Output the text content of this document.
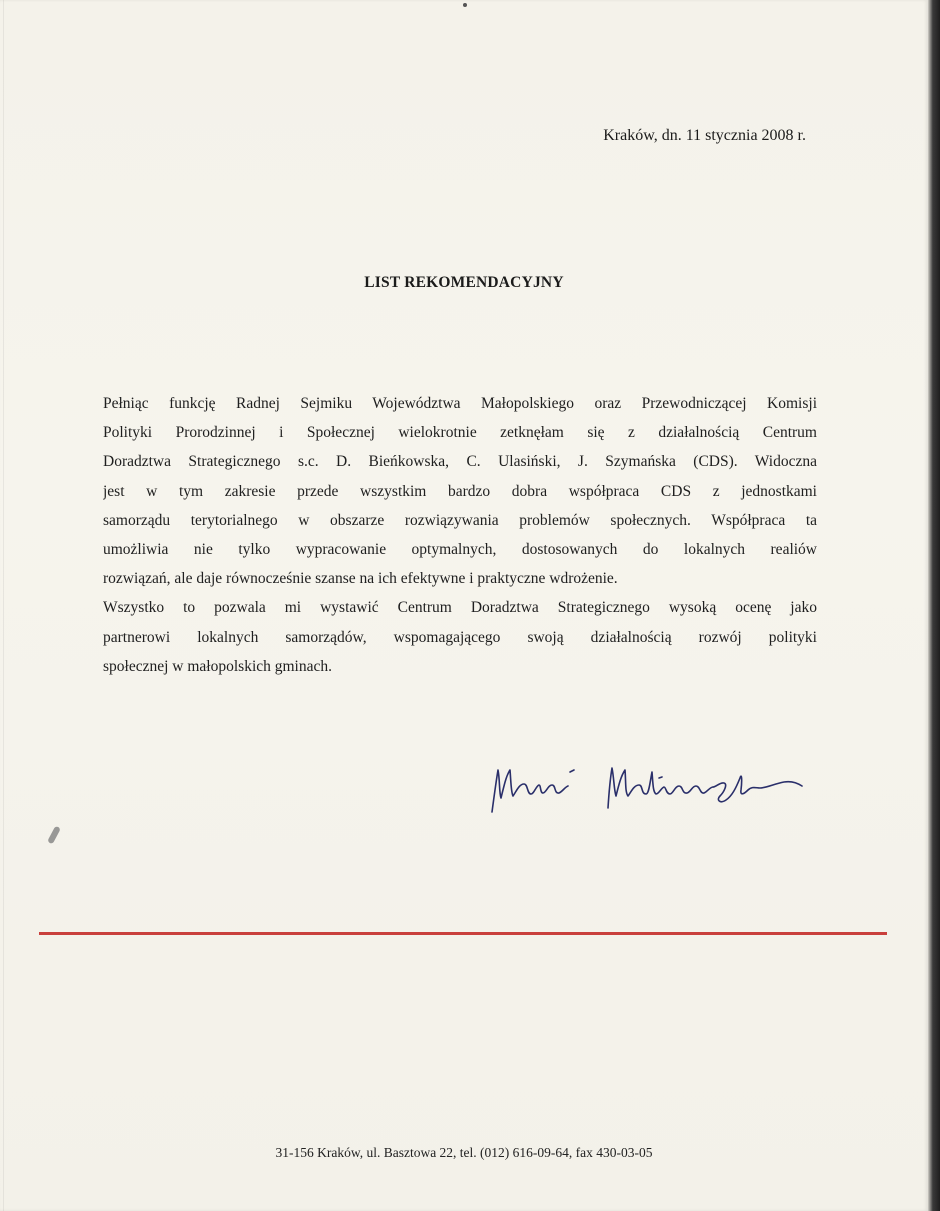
Kraków, dn. 11 stycznia 2008 r.
LIST REKOMENDACYJNY
Pełniąc funkcję Radnej Sejmiku Województwa Małopolskiego oraz Przewodniczącej Komisji
Polityki Prorodzinnej i Społecznej wielokrotnie zetknęłam się z działalnością Centrum
Doradztwa Strategicznego s.c. D. Bieńkowska, C. Ulasiński, J. Szymańska (CDS). Widoczna
jest w tym zakresie przede wszystkim bardzo dobra współpraca CDS z jednostkami
samorządu terytorialnego w obszarze rozwiązywania problemów społecznych. Współpraca ta
umożliwia nie tylko wypracowanie optymalnych, dostosowanych do lokalnych realiów
rozwiązań, ale daje równocześnie szanse na ich efektywne i praktyczne wdrożenie.
Wszystko to pozwala mi wystawić Centrum Doradztwa Strategicznego wysoką ocenę jako
partnerowi lokalnych samorządów, wspomagającego swoją działalnością rozwój polityki
społecznej w małopolskich gminach.
31-156 Kraków, ul. Basztowa 22, tel. (012) 616-09-64, fax 430-03-05
